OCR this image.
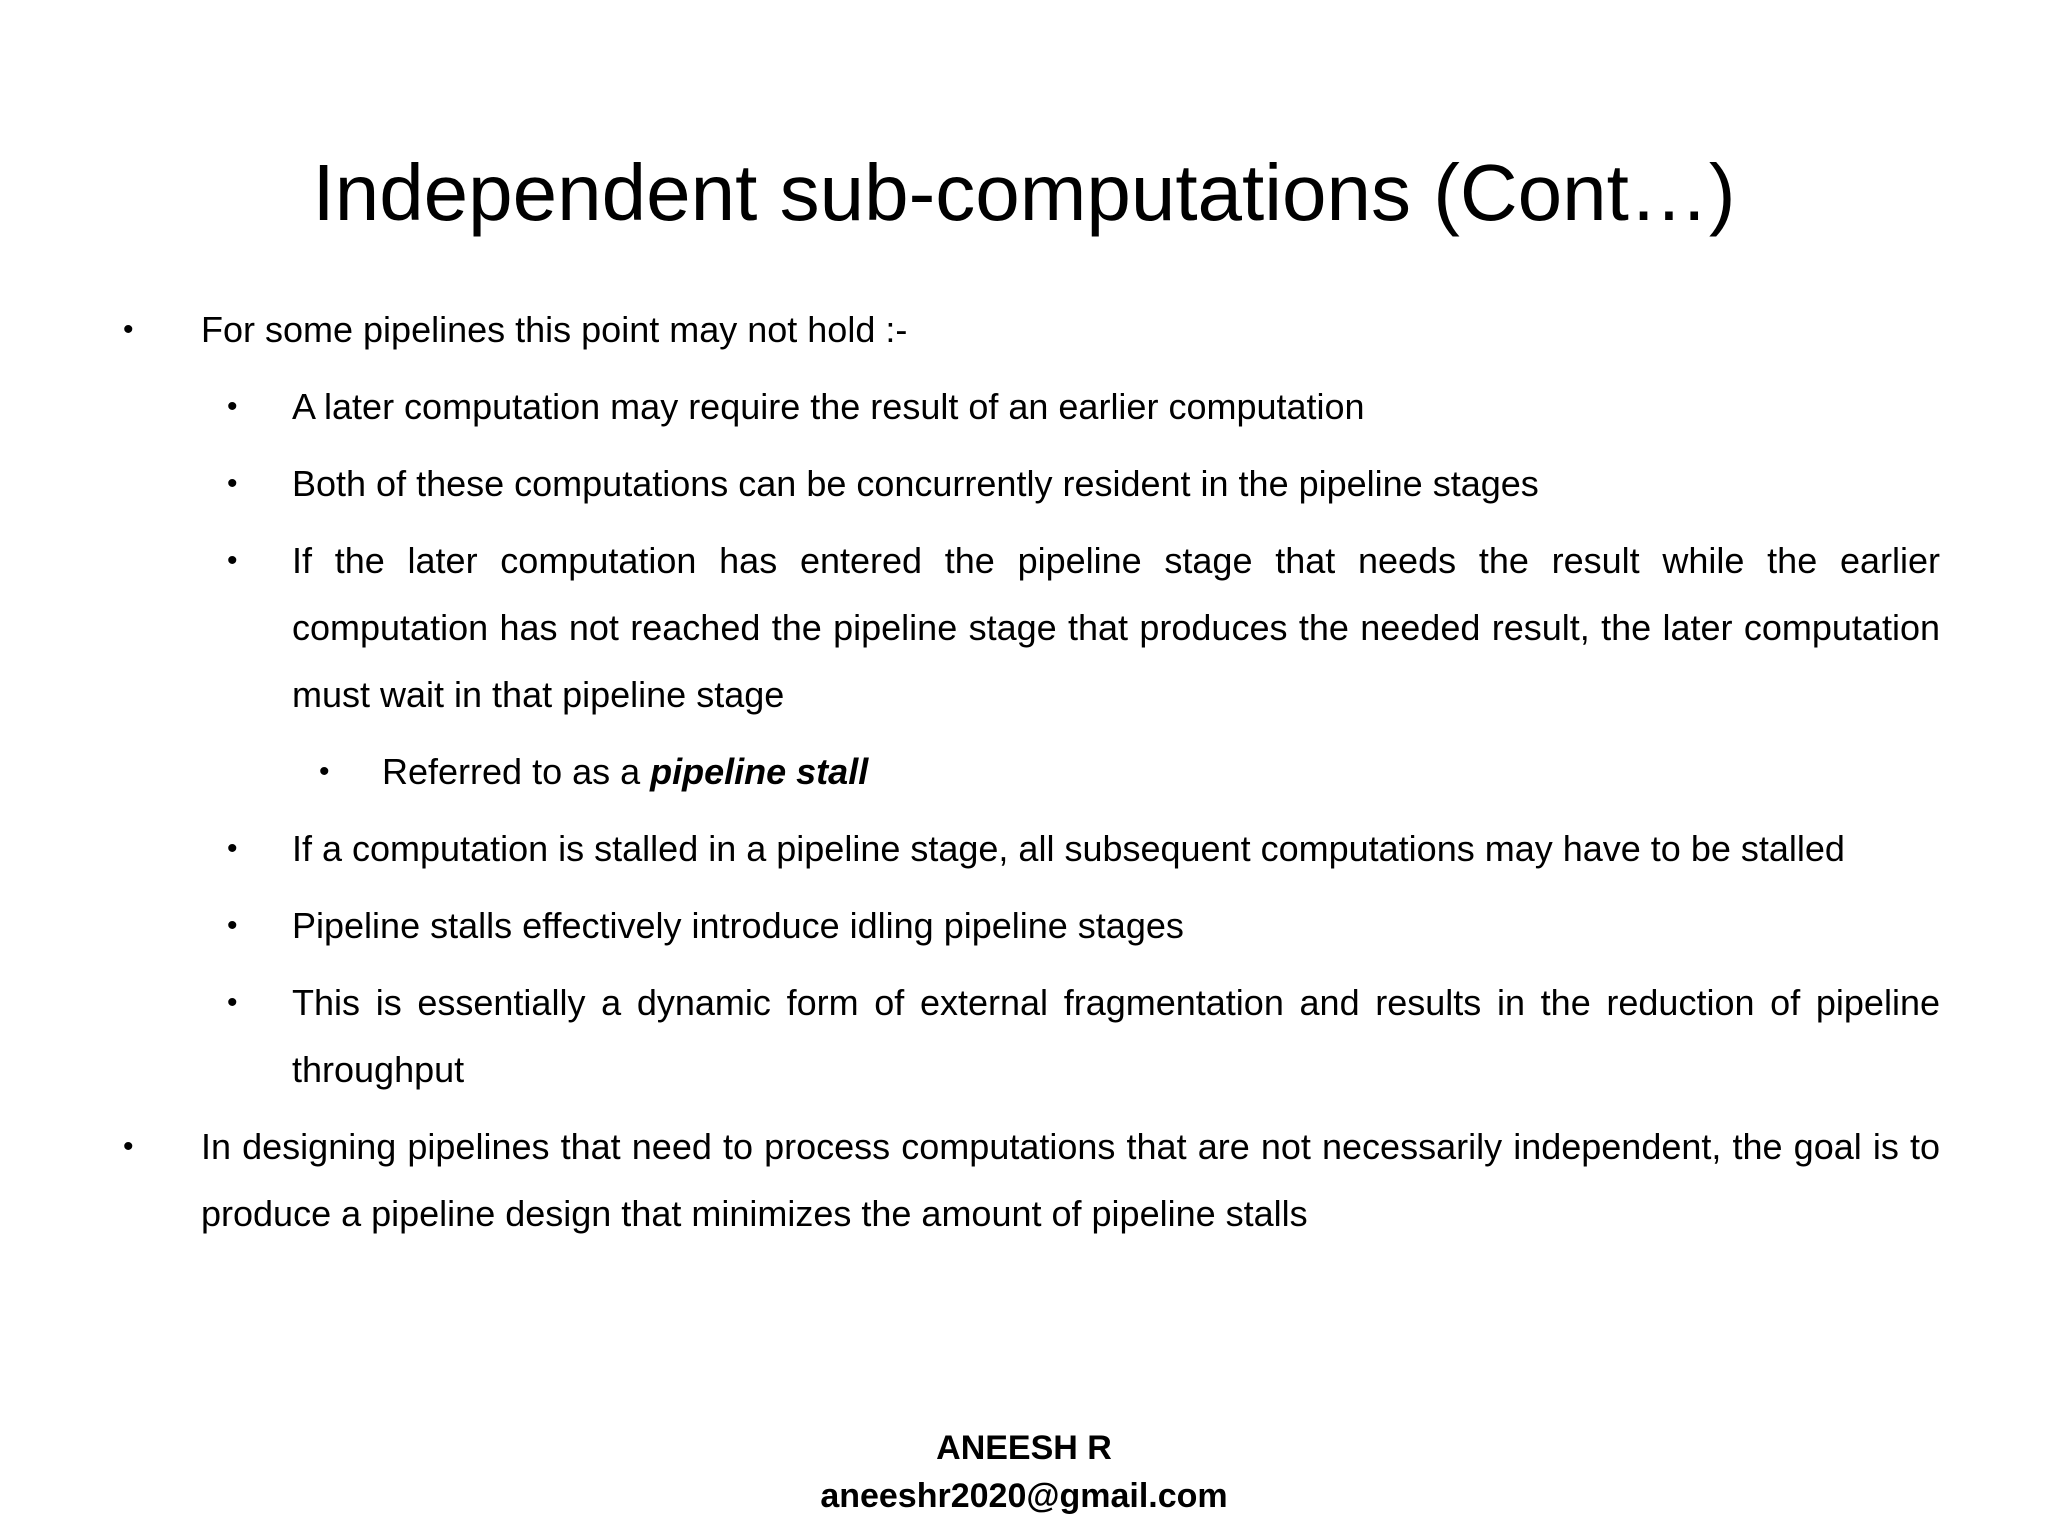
Independent sub-computations (Cont…)
• For some pipelines this point may not hold :-
• A later computation may require the result of an earlier computation
• Both of these computations can be concurrently resident in the pipeline stages
• If the later computation has entered the pipeline stage that needs the result while the earlier computation has not reached the pipeline stage that produces the needed result, the later computation must wait in that pipeline stage
• Referred to as a pipeline stall
• If a computation is stalled in a pipeline stage, all subsequent computations may have to be stalled
• Pipeline stalls effectively introduce idling pipeline stages
• This is essentially a dynamic form of external fragmentation and results in the reduction of pipeline throughput
• In designing pipelines that need to process computations that are not necessarily independent, the goal is to produce a pipeline design that minimizes the amount of pipeline stalls
ANEESH R
aneeshr2020@gmail.com
